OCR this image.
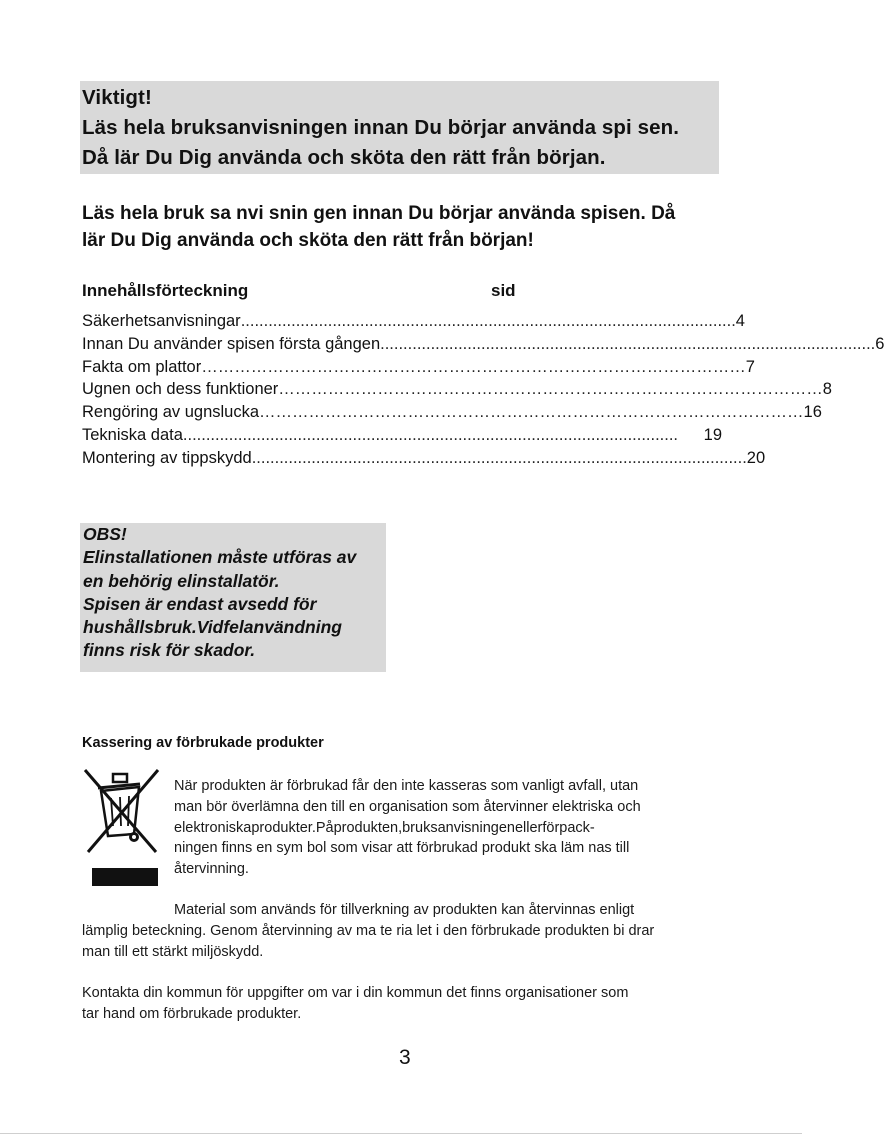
Viktigt!
Läs hela bruksanvisningen innan Du börjar använda spi sen.
Då lär Du Dig använda och sköta den rätt från början.
Läs hela bruk sa nvi snin gen innan Du börjar använda spisen. Då
lär Du Dig använda och sköta den rätt från början!
Innehållsförteckning	sid
Säkerhetsanvisningar ............................................................................................................ 4
Innan Du använder spisen första gången ............................................................................................................ 6
Fakta om plattor ……………………………………………………………………………………… 7
Ugnen och dess funktioner ……………………………………………………………………………………… 8
Rengöring av ugnslucka ……………………………………………………………………………………… 16
Tekniska data ............................................................................................................	19
Montering av tippskydd ............................................................................................................ 20
OBS!
Elinstallationen måste utföras av
en behörig elinstallatör.
Spisen är endast avsedd för
hushållsbruk.Vidfelanvändning
finns risk för skador.
Kassering av förbrukade produkter
När produkten är förbrukad får den inte kasseras som vanligt avfall, utan
man bör överlämna den till en organisation som återvinner elektriska och
elektroniskaprodukter.Påprodukten,bruksanvisningenellerförpack-
ningen finns en sym bol som visar att förbrukad produkt ska läm nas till
återvinning.
Material som används för tillverkning av produkten kan återvinnas enligt
lämplig beteckning. Genom återvinning av ma te ria let i den förbrukade produkten bi drar
man till ett stärkt miljöskydd.
Kontakta din kommun för uppgifter om var i din kommun det finns organisationer som
tar hand om förbrukade produkter.
3
